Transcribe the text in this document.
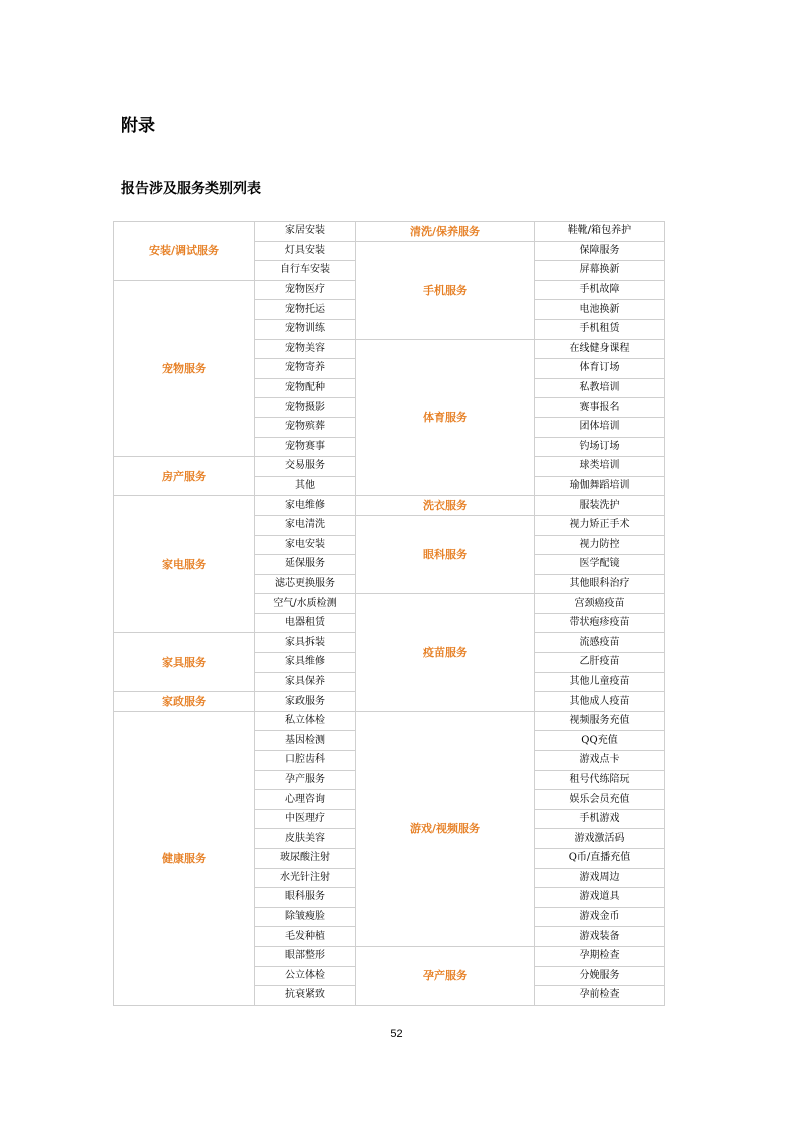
附录
报告涉及服务类别列表
安装/调试服务	家居安装	清洗/保养服务	鞋靴/箱包养护
	灯具安装	手机服务	保障服务
	自行车安装		屏幕换新
宠物服务	宠物医疗		手机故障
	宠物托运		电池换新
	宠物训练		手机租赁
	宠物美容	体育服务	在线健身课程
	宠物寄养		体育订场
	宠物配种		私教培训
	宠物摄影		赛事报名
	宠物殡葬		团体培训
	宠物赛事		钓场订场
房产服务	交易服务		球类培训
	其他		瑜伽舞蹈培训
家电服务	家电维修	洗衣服务	服装洗护
	家电清洗	眼科服务	视力矫正手术
	家电安装		视力防控
	延保服务		医学配镜
	滤芯更换服务		其他眼科治疗
	空气/水质检测	疫苗服务	宫颈癌疫苗
	电器租赁		带状疱疹疫苗
家具服务	家具拆装		流感疫苗
	家具维修		乙肝疫苗
	家具保养		其他儿童疫苗
家政服务	家政服务		其他成人疫苗
健康服务	私立体检	游戏/视频服务	视频服务充值
	基因检测		QQ充值
	口腔齿科		游戏点卡
	孕产服务		租号代练陪玩
	心理咨询		娱乐会员充值
	中医理疗		手机游戏
	皮肤美容		游戏激活码
	玻尿酸注射		Q币/直播充值
	水光针注射		游戏周边
	眼科服务		游戏道具
	除皱瘦脸		游戏金币
	毛发种植		游戏装备
	眼部整形	孕产服务	孕期检查
	公立体检		分娩服务
	抗衰紧致		孕前检查
52
